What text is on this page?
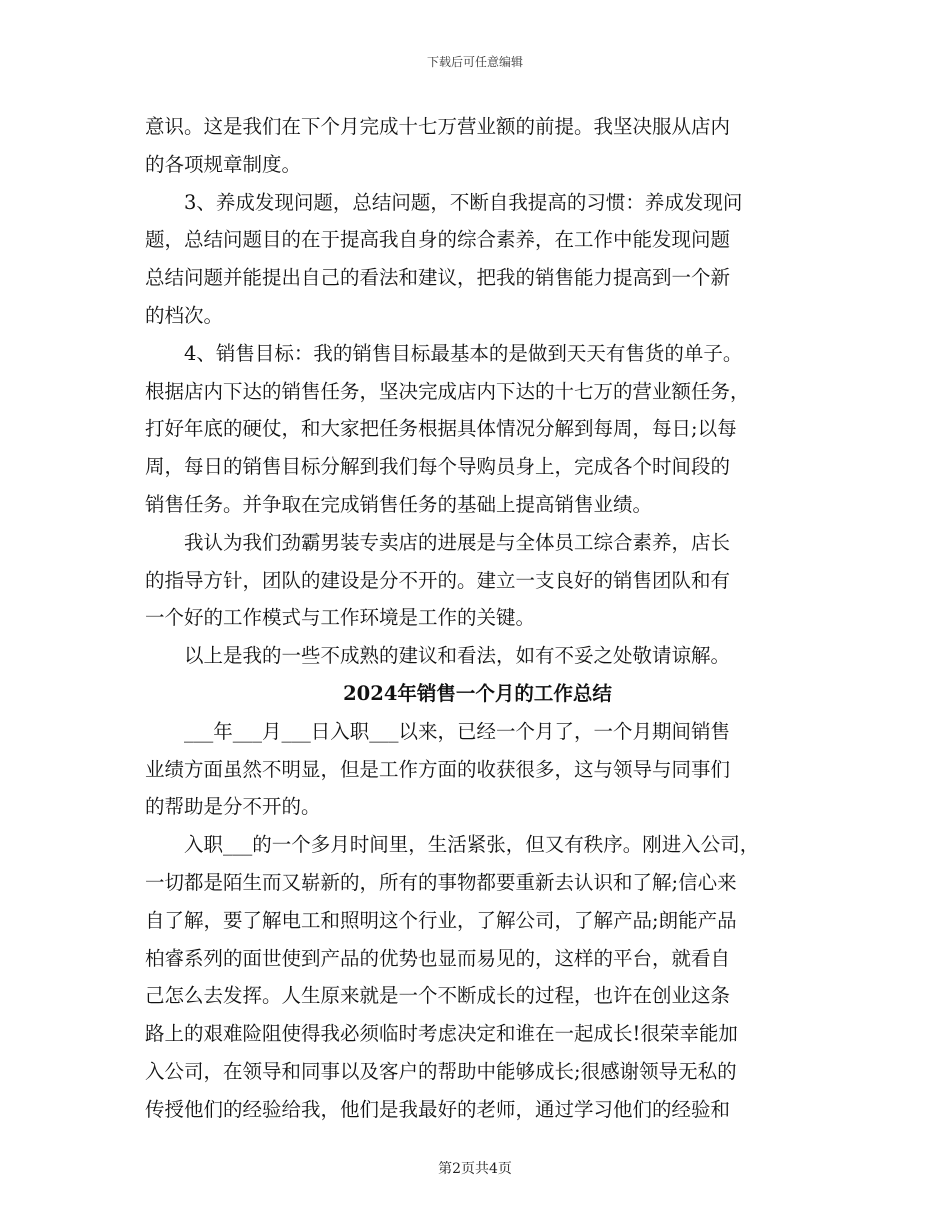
下载后可任意编辑
意识。这是我们在下个月完成十七万营业额的前提。我坚决服从店内
的各项规章制度。
　　3、养成发现问题，总结问题，不断自我提高的习惯：养成发现问
题，总结问题目的在于提高我自身的综合素养，在工作中能发现问题
总结问题并能提出自己的看法和建议，把我的销售能力提高到一个新
的档次。
　　4、销售目标：我的销售目标最基本的是做到天天有售货的单子。
根据店内下达的销售任务，坚决完成店内下达的十七万的营业额任务，
打好年底的硬仗，和大家把任务根据具体情况分解到每周，每日;以每
周，每日的销售目标分解到我们每个导购员身上，完成各个时间段的
销售任务。并争取在完成销售任务的基础上提高销售业绩。
　　我认为我们劲霸男装专卖店的进展是与全体员工综合素养，店长
的指导方针，团队的建设是分不开的。建立一支良好的销售团队和有
一个好的工作模式与工作环境是工作的关键。
　　以上是我的一些不成熟的建议和看法，如有不妥之处敬请谅解。
2024年销售一个月的工作总结
　　___年___月___日入职___以来，已经一个月了，一个月期间销售
业绩方面虽然不明显，但是工作方面的收获很多，这与领导与同事们
的帮助是分不开的。
　　入职___的一个多月时间里，生活紧张，但又有秩序。刚进入公司，
一切都是陌生而又崭新的，所有的事物都要重新去认识和了解;信心来
自了解，要了解电工和照明这个行业，了解公司，了解产品;朗能产品
柏睿系列的面世使到产品的优势也显而易见的，这样的平台，就看自
己怎么去发挥。人生原来就是一个不断成长的过程，也许在创业这条
路上的艰难险阻使得我必须临时考虑决定和谁在一起成长!很荣幸能加
入公司，在领导和同事以及客户的帮助中能够成长;很感谢领导无私的
传授他们的经验给我，他们是我最好的老师，通过学习他们的经验和
第2页共4页
